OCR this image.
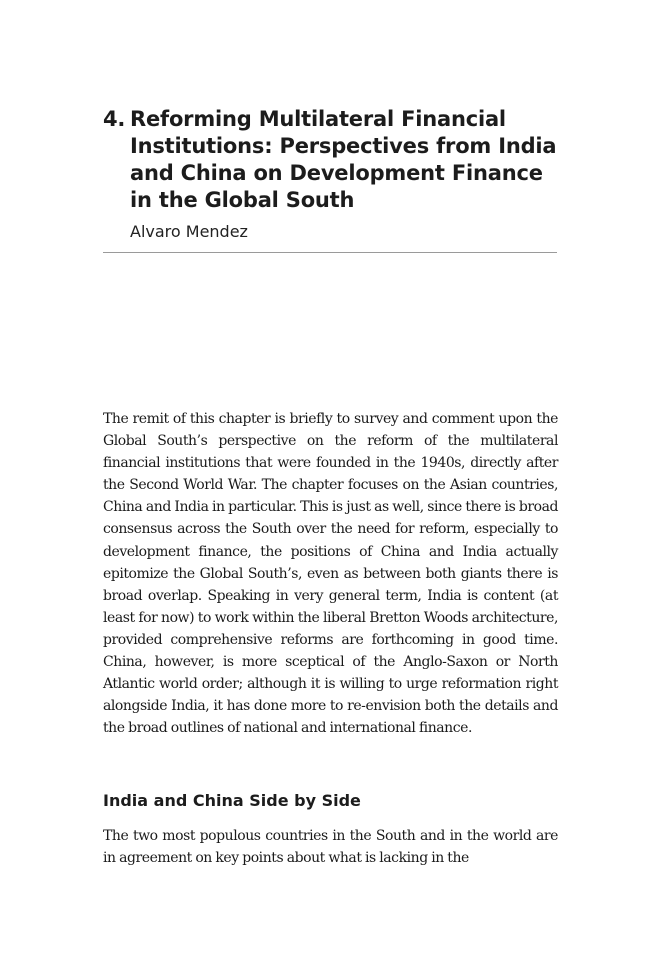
4. Reforming Multilateral Financial Institutions: Perspectives from India and China on Development Finance in the Global South
Alvaro Mendez

The remit of this chapter is briefly to survey and comment upon the Global South’s perspective on the reform of the multilateral financial institutions that were founded in the 1940s, directly after the Second World War. The chapter focuses on the Asian countries, China and India in particular. This is just as well, since there is broad consensus across the South over the need for reform, especially to development finance, the positions of China and India actually epitomize the Global South’s, even as between both giants there is broad overlap. Speaking in very general term, India is content (at least for now) to work within the liberal Bretton Woods architecture, provided comprehensive reforms are forthcoming in good time. China, however, is more sceptical of the Anglo-Saxon or North Atlantic world order; although it is willing to urge reformation right alongside India, it has done more to re-envision both the details and the broad outlines of national and international finance.

India and China Side by Side

The two most populous countries in the South and in the world are in agreement on key points about what is lacking in the
